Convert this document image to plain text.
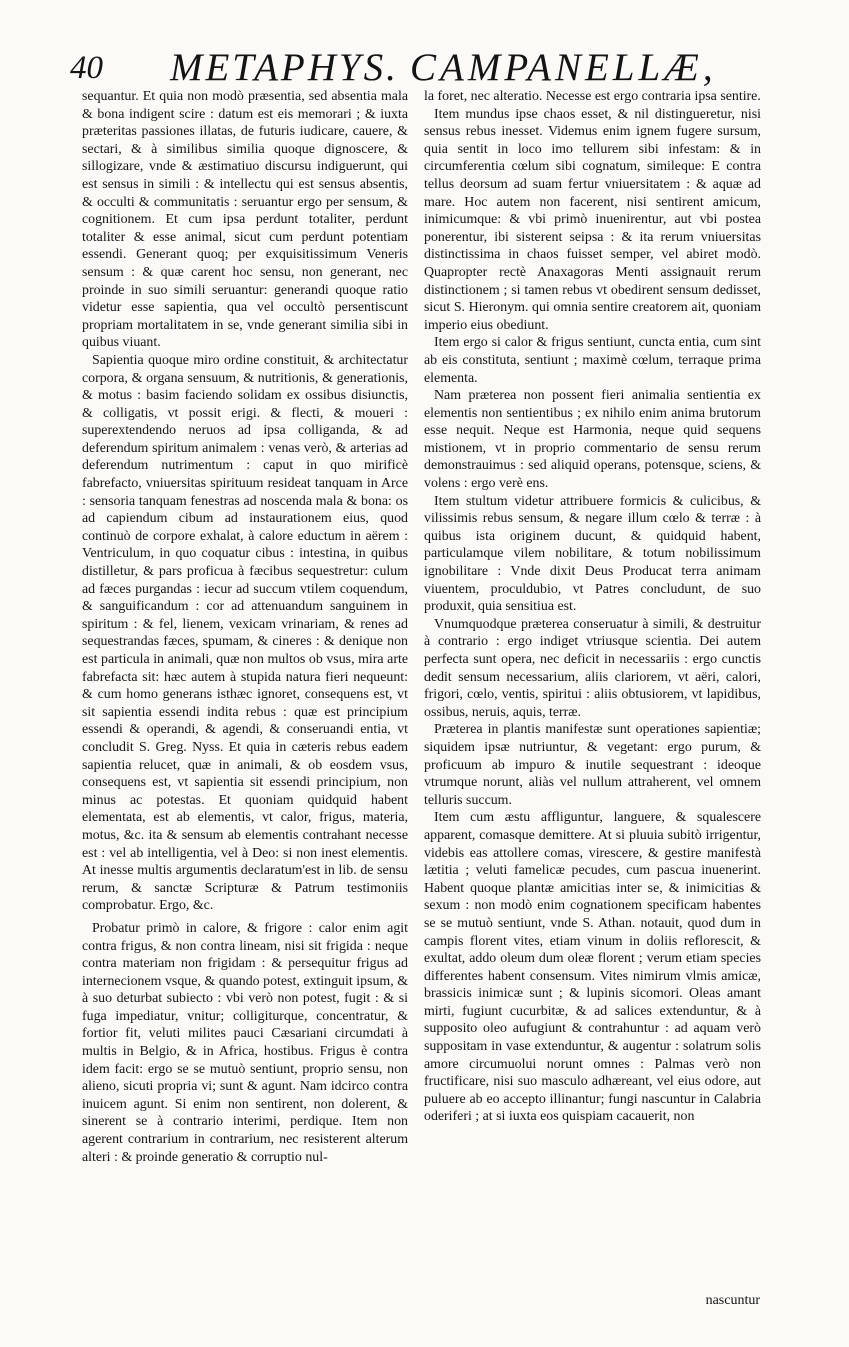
40 METAPHYS. CAMPANELLÆ,

sequantur. Et quia non modò præsentia, sed absentia mala & bona indigent scire : datum est eis memorari ; & iuxta præteritas passiones illatas, de futuris iudicare, cauere, & sectari, & à similibus similia quoque dignoscere, & sillogizare, vnde & æstimatiuo discursu indiguerunt, qui est sensus in simili : & intellectu qui est sensus absentis, & occulti & communitatis : seruantur ergo per sensum, & cognitionem. Et cum ipsa perdunt totaliter, perdunt totaliter & esse animal, sicut cum perdunt potentiam essendi. Generant quoq; per exquisitissimum Veneris sensum : & quæ carent hoc sensu, non generant, nec proinde in suo simili seruantur: generandi quoque ratio videtur esse sapientia, qua vel occultò persentiscunt propriam mortalitatem in se, vnde generant similia sibi in quibus viuant.

Sapientia quoque miro ordine constituit, & architectatur corpora, & organa sensuum, & nutritionis, & generationis, & motus : basim faciendo solidam ex ossibus disiunctis, & colligatis, vt possit erigi. & flecti, & moueri : superextendendo neruos ad ipsa colliganda, & ad deferendum spiritum animalem : venas verò, & arterias ad deferendum nutrimentum : caput in quo mirificè fabrefacto, vniuersitas spirituum resideat tanquam in Arce : sensoria tanquam fenestras ad noscenda mala & bona: os ad capiendum cibum ad instaurationem eius, quod continuò de corpore exhalat, à calore eductum in aërem : Ventriculum, in quo coquatur cibus : intestina, in quibus distilletur, & pars proficua à fæcibus sequestretur: culum ad fæces purgandas : iecur ad succum vtilem coquendum, & sanguificandum : cor ad attenuandum sanguinem in spiritum : & fel, lienem, vexicam vrinariam, & renes ad sequestrandas fæces, spumam, & cineres : & denique non est particula in animali, quæ non multos ob vsus, mira arte fabrefacta sit: hæc autem à stupida natura fieri nequeunt: & cum homo generans isthæc ignoret, consequens est, vt sit sapientia essendi indita rebus : quæ est principium essendi & operandi, & agendi, & conseruandi entia, vt concludit S. Greg. Nyss. Et quia in cæteris rebus eadem sapientia relucet, quæ in animali, & ob eosdem vsus, consequens est, vt sapientia sit essendi principium, non minus ac potestas. Et quoniam quidquid habent elementata, est ab elementis, vt calor, frigus, materia, motus, &c. ita & sensum ab elementis contrahant necesse est : vel ab intelligentia, vel à Deo: si non inest elementis. At inesse multis argumentis declaratum'est in lib. de sensu rerum, & sanctæ Scripturæ & Patrum testimoniis comprobatur. Ergo, &c.

Probatur primò in calore, & frigore : calor enim agit contra frigus, & non contra lineam, nisi sit frigida : neque contra materiam non frigidam : & persequitur frigus ad internecionem vsque, & quando potest, extinguit ipsum, & à suo deturbat subiecto : vbi verò non potest, fugit : & si fuga impediatur, vnitur; colligiturque, concentratur, & fortior fit, veluti milites pauci Cæsariani circumdati à multis in Belgio, & in Africa, hostibus. Frigus è contra idem facit: ergo se se mutuò sentiunt, proprio sensu, non alieno, sicuti propria vi; sunt & agunt. Nam idcirco contra inuicem agunt. Si enim non sentirent, non dolerent, & sinerent se à contrario interimi, perdique. Item non agerent contrarium in contrarium, nec resisterent alterum alteri : & proinde generatio & corruptio nul-

la foret, nec alteratio. Necesse est ergo contraria ipsa sentire.

Item mundus ipse chaos esset, & nil distingueretur, nisi sensus rebus inesset. Videmus enim ignem fugere sursum, quia sentit in loco imo tellurem sibi infestam: & in circumferentia cœlum sibi cognatum, simileque: E contra tellus deorsum ad suam fertur vniuersitatem : & aquæ ad mare. Hoc autem non facerent, nisi sentirent amicum, inimicumque: & vbi primò inuenirentur, aut vbi postea ponerentur, ibi sisterent seipsa : & ita rerum vniuersitas distinctissima in chaos fuisset semper, vel abiret modò. Quapropter rectè Anaxagoras Menti assignauit rerum distinctionem ; si tamen rebus vt obedirent sensum dedisset, sicut S. Hieronym. qui omnia sentire creatorem ait, quoniam imperio eius obediunt.

Item ergo si calor & frigus sentiunt, cuncta entia, cum sint ab eis constituta, sentiunt ; maximè cœlum, terraque prima elementa.

Nam præterea non possent fieri animalia sentientia ex elementis non sentientibus ; ex nihilo enim anima brutorum esse nequit. Neque est Harmonia, neque quid sequens mistionem, vt in proprio commentario de sensu rerum demonstrauimus : sed aliquid operans, potensque, sciens, & volens : ergo verè ens.

Item stultum videtur attribuere formicis & culicibus, & vilissimis rebus sensum, & negare illum cœlo & terræ : à quibus ista originem ducunt, & quidquid habent, particulamque vilem nobilitare, & totum nobilissimum ignobilitare : Vnde dixit Deus Producat terra animam viuentem, proculdubio, vt Patres concludunt, de suo produxit, quia sensitiua est.

Vnumquodque præterea conseruatur à simili, & destruitur à contrario : ergo indiget vtriusque scientia. Dei autem perfecta sunt opera, nec deficit in necessariis : ergo cunctis dedit sensum necessarium, aliis clariorem, vt aëri, calori, frigori, cœlo, ventis, spiritui : aliis obtusiorem, vt lapidibus, ossibus, neruis, aquis, terræ.

Præterea in plantis manifestæ sunt operationes sapientiæ; siquidem ipsæ nutriuntur, & vegetant: ergo purum, & proficuum ab impuro & inutile sequestrant : ideoque vtrumque norunt, aliàs vel nullum attraherent, vel omnem telluris succum.

Item cum æstu affliguntur, languere, & squalescere apparent, comasque demittere. At si pluuia subitò irrigentur, videbis eas attollere comas, virescere, & gestire manifestà lætitia ; veluti famelicæ pecudes, cum pascua inuenerint. Habent quoque plantæ amicitias inter se, & inimicitias & sexum : non modò enim cognationem specificam habentes se se mutuò sentiunt, vnde S. Athan. notauit, quod dum in campis florent vites, etiam vinum in doliis reflorescit, & exultat, addo oleum dum oleæ florent ; verum etiam species differentes habent consensum. Vites nimirum vlmis amicæ, brassicis inimicæ sunt ; & lupinis sicomori. Oleas amant mirti, fugiunt cucurbitæ, & ad salices extenduntur, & à supposito oleo aufugiunt & contrahuntur : ad aquam verò suppositam in vase extenduntur, & augentur : solatrum solis amore circumuolui norunt omnes : Palmas verò non fructificare, nisi suo masculo adhæreant, vel eius odore, aut puluere ab eo accepto illinantur; fungi nascuntur in Calabria oderiferi ; at si iuxta eos quispiam cacauerit, non

nascuntur
